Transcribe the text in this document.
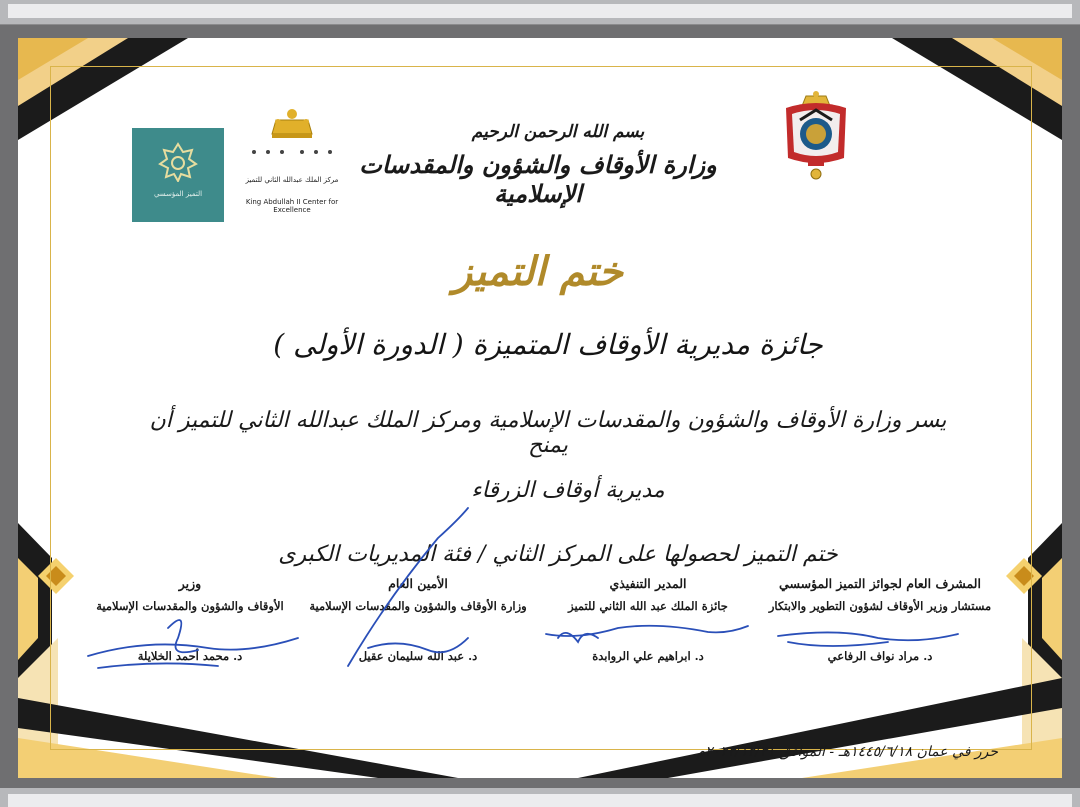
بسم الله الرحمن الرحيم
وزارة الأوقاف والشؤون والمقدسات الإسلامية
مركز الملك عبدالله الثاني للتميز
King Abdullah II Center for Excellence
التميز المؤسسي
ختم التميز
جائزة مديرية الأوقاف المتميزة ( الدورة الأولى )
يسر وزارة الأوقاف والشؤون والمقدسات الإسلامية ومركز الملك عبدالله الثاني للتميز أن يمنح
مديرية أوقاف الزرقاء
ختم التميز لحصولها على المركز الثاني / فئة المديريات الكبرى
المشرف العام لجوائز التميز المؤسسي
مستشار وزير الأوقاف لشؤون التطوير والابتكار
د. مراد نواف الرفاعي
المدير التنفيذي
جائزة الملك عبد الله الثاني للتميز
د. ابراهيم علي الروابدة
الأمين العام
وزارة الأوقاف والشؤون والمقدسات الإسلامية
د. عبد الله سليمان عقيل
وزير
الأوقاف والشؤون والمقدسات الإسلامية
د. محمد أحمد الخلايلة
حرر في عمان ١٤٤٥/٦/١٨هـ - الموافق ٢٠٢٣/١٢/٣١م
